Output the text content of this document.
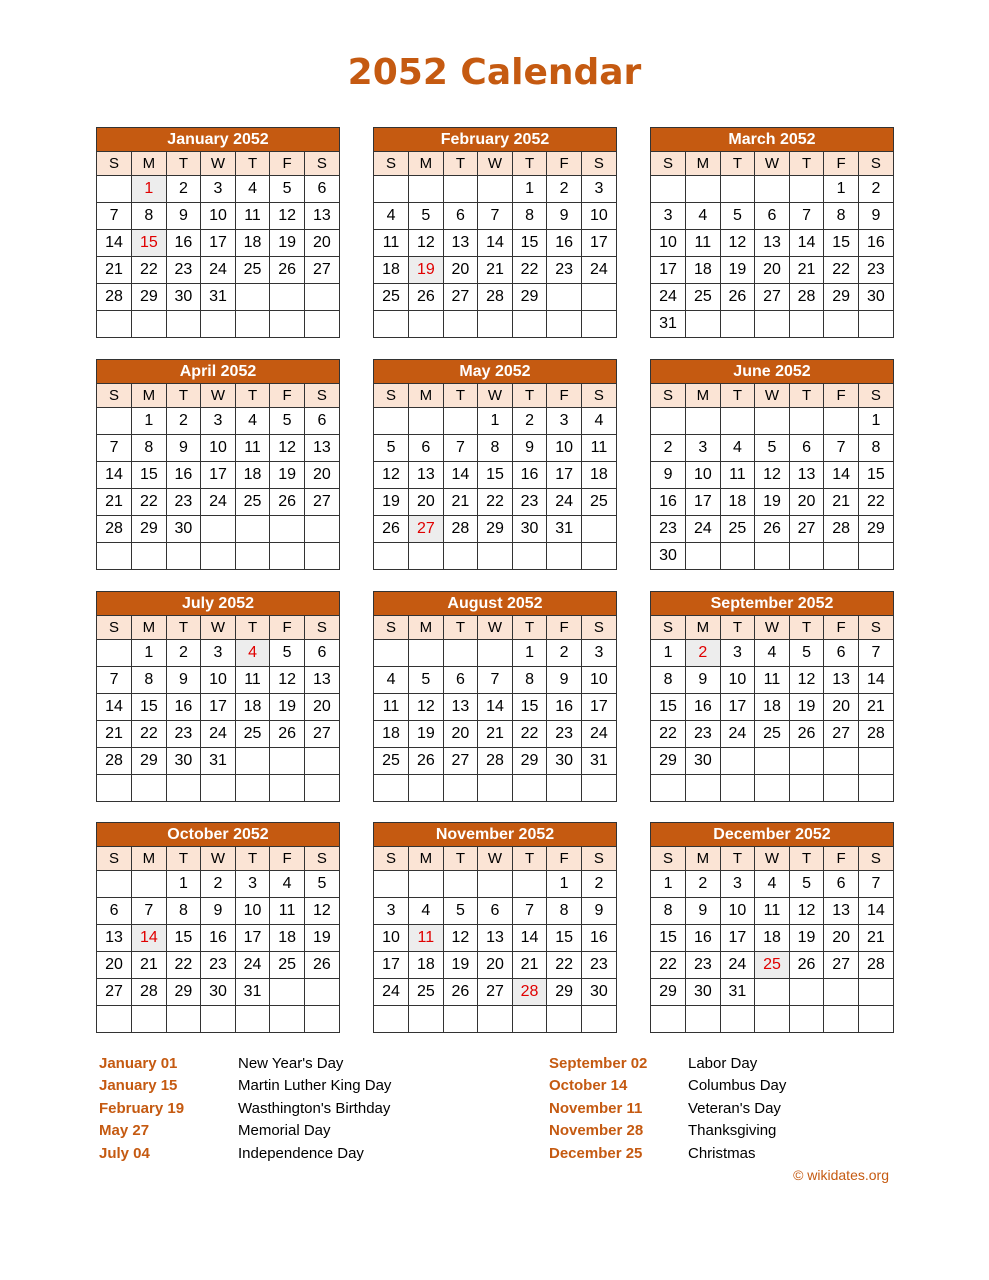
2052 Calendar
January 2052
S	M	T	W	T	F	S
	1	2	3	4	5	6
7	8	9	10	11	12	13
14	15	16	17	18	19	20
21	22	23	24	25	26	27
28	29	30	31			

February 2052
S	M	T	W	T	F	S
				1	2	3
4	5	6	7	8	9	10
11	12	13	14	15	16	17
18	19	20	21	22	23	24
25	26	27	28	29		

March 2052
S	M	T	W	T	F	S
					1	2
3	4	5	6	7	8	9
10	11	12	13	14	15	16
17	18	19	20	21	22	23
24	25	26	27	28	29	30
31						
April 2052
S	M	T	W	T	F	S
	1	2	3	4	5	6
7	8	9	10	11	12	13
14	15	16	17	18	19	20
21	22	23	24	25	26	27
28	29	30				

May 2052
S	M	T	W	T	F	S
			1	2	3	4
5	6	7	8	9	10	11
12	13	14	15	16	17	18
19	20	21	22	23	24	25
26	27	28	29	30	31	

June 2052
S	M	T	W	T	F	S
						1
2	3	4	5	6	7	8
9	10	11	12	13	14	15
16	17	18	19	20	21	22
23	24	25	26	27	28	29
30						
July 2052
S	M	T	W	T	F	S
	1	2	3	4	5	6
7	8	9	10	11	12	13
14	15	16	17	18	19	20
21	22	23	24	25	26	27
28	29	30	31			

August 2052
S	M	T	W	T	F	S
				1	2	3
4	5	6	7	8	9	10
11	12	13	14	15	16	17
18	19	20	21	22	23	24
25	26	27	28	29	30	31

September 2052
S	M	T	W	T	F	S
1	2	3	4	5	6	7
8	9	10	11	12	13	14
15	16	17	18	19	20	21
22	23	24	25	26	27	28
29	30					

October 2052
S	M	T	W	T	F	S
		1	2	3	4	5
6	7	8	9	10	11	12
13	14	15	16	17	18	19
20	21	22	23	24	25	26
27	28	29	30	31		

November 2052
S	M	T	W	T	F	S
					1	2
3	4	5	6	7	8	9
10	11	12	13	14	15	16
17	18	19	20	21	22	23
24	25	26	27	28	29	30

December 2052
S	M	T	W	T	F	S
1	2	3	4	5	6	7
8	9	10	11	12	13	14
15	16	17	18	19	20	21
22	23	24	25	26	27	28
29	30	31				

January 01	New Year's Day
January 15	Martin Luther King Day
February 19	Wasthington's Birthday
May 27	Memorial Day
July 04	Independence Day
September 02	Labor Day
October 14	Columbus Day
November 11	Veteran's Day
November 28	Thanksgiving
December 25	Christmas
© wikidates.org
